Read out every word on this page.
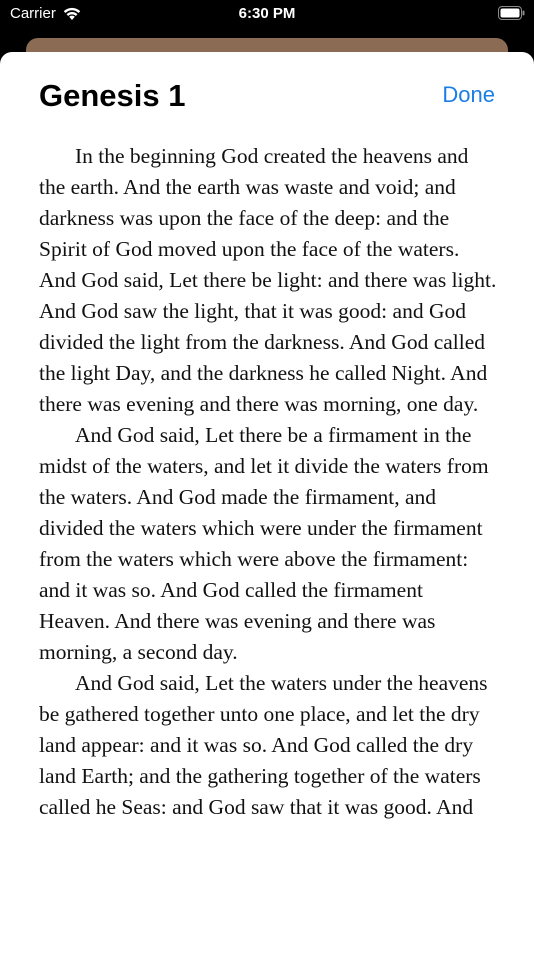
Carrier	6:30 PM
Genesis 1	Done

In the beginning God created the heavens and the earth. And the earth was waste and void; and darkness was upon the face of the deep: and the Spirit of God moved upon the face of the waters. And God said, Let there be light: and there was light. And God saw the light, that it was good: and God divided the light from the darkness. And God called the light Day, and the darkness he called Night. And there was evening and there was morning, one day.

And God said, Let there be a firmament in the midst of the waters, and let it divide the waters from the waters. And God made the firmament, and divided the waters which were under the firmament from the waters which were above the firmament: and it was so. And God called the firmament Heaven. And there was evening and there was morning, a second day.

And God said, Let the waters under the heavens be gathered together unto one place, and let the dry land appear: and it was so. And God called the dry land Earth; and the gathering together of the waters called he Seas: and God saw that it was good. And
